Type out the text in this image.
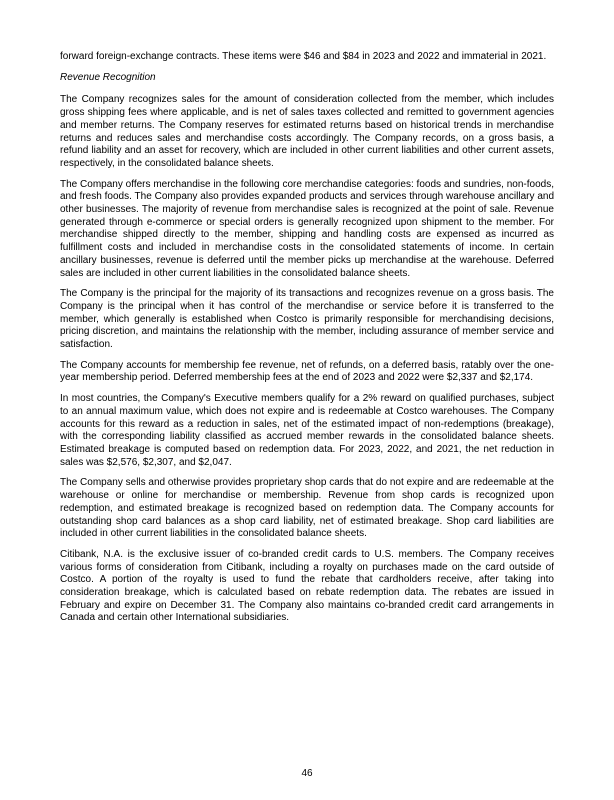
forward foreign-exchange contracts. These items were $46 and $84 in 2023 and 2022 and immaterial in 2021.

Revenue Recognition

The Company recognizes sales for the amount of consideration collected from the member, which includes gross shipping fees where applicable, and is net of sales taxes collected and remitted to government agencies and member returns. The Company reserves for estimated returns based on historical trends in merchandise returns and reduces sales and merchandise costs accordingly. The Company records, on a gross basis, a refund liability and an asset for recovery, which are included in other current liabilities and other current assets, respectively, in the consolidated balance sheets.

The Company offers merchandise in the following core merchandise categories: foods and sundries, non-foods, and fresh foods. The Company also provides expanded products and services through warehouse ancillary and other businesses. The majority of revenue from merchandise sales is recognized at the point of sale. Revenue generated through e-commerce or special orders is generally recognized upon shipment to the member. For merchandise shipped directly to the member, shipping and handling costs are expensed as incurred as fulfillment costs and included in merchandise costs in the consolidated statements of income. In certain ancillary businesses, revenue is deferred until the member picks up merchandise at the warehouse. Deferred sales are included in other current liabilities in the consolidated balance sheets.

The Company is the principal for the majority of its transactions and recognizes revenue on a gross basis. The Company is the principal when it has control of the merchandise or service before it is transferred to the member, which generally is established when Costco is primarily responsible for merchandising decisions, pricing discretion, and maintains the relationship with the member, including assurance of member service and satisfaction.

The Company accounts for membership fee revenue, net of refunds, on a deferred basis, ratably over the one-year membership period. Deferred membership fees at the end of 2023 and 2022 were $2,337 and $2,174.

In most countries, the Company's Executive members qualify for a 2% reward on qualified purchases, subject to an annual maximum value, which does not expire and is redeemable at Costco warehouses. The Company accounts for this reward as a reduction in sales, net of the estimated impact of non-redemptions (breakage), with the corresponding liability classified as accrued member rewards in the consolidated balance sheets. Estimated breakage is computed based on redemption data. For 2023, 2022, and 2021, the net reduction in sales was $2,576, $2,307, and $2,047.

The Company sells and otherwise provides proprietary shop cards that do not expire and are redeemable at the warehouse or online for merchandise or membership. Revenue from shop cards is recognized upon redemption, and estimated breakage is recognized based on redemption data. The Company accounts for outstanding shop card balances as a shop card liability, net of estimated breakage. Shop card liabilities are included in other current liabilities in the consolidated balance sheets.

Citibank, N.A. is the exclusive issuer of co-branded credit cards to U.S. members. The Company receives various forms of consideration from Citibank, including a royalty on purchases made on the card outside of Costco. A portion of the royalty is used to fund the rebate that cardholders receive, after taking into consideration breakage, which is calculated based on rebate redemption data. The rebates are issued in February and expire on December 31. The Company also maintains co-branded credit card arrangements in Canada and certain other International subsidiaries.

46
